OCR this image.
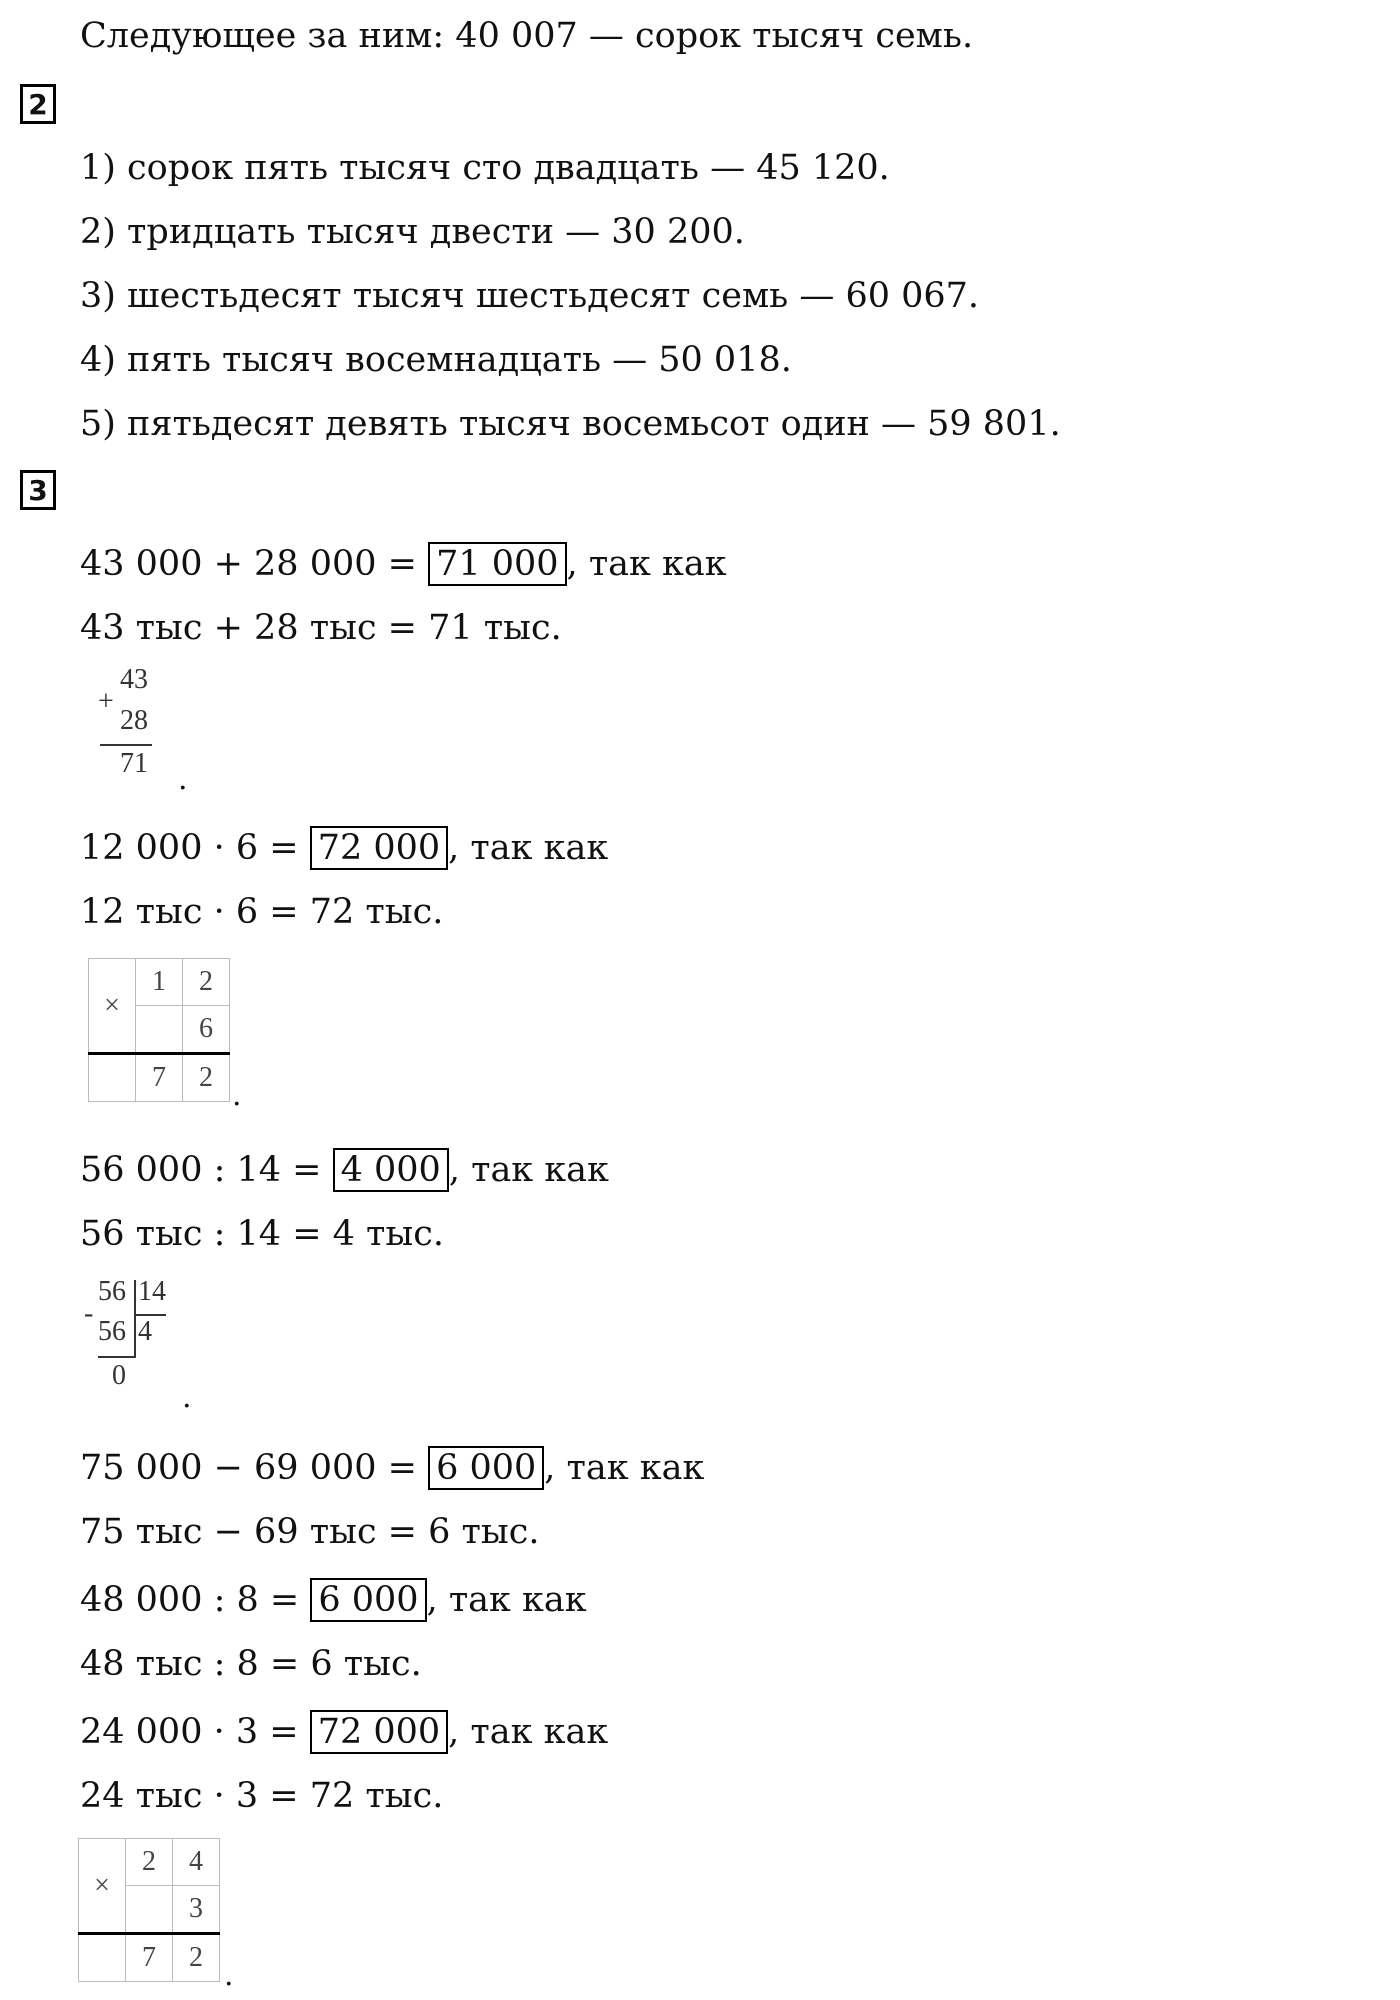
Следующее за ним: 40 007 — сорок тысяч семь.
2
1) сорок пять тысяч сто двадцать — 45 120.
2) тридцать тысяч двести — 30 200.
3) шестьдесят тысяч шестьдесят семь — 60 067.
4) пять тысяч восемнадцать — 50 018.
5) пятьдесят девять тысяч восемьсот один — 59 801.
3
43 000 + 28 000 = 71 000 , так как
43 тыс + 28 тыс = 71 тыс.
+
43
28
71 .
12 000 · 6 = 72 000 , так как
12 тыс · 6 = 72 тыс.
×	1	2
		6
	7	2
.
56 000 : 14 = 4 000 , так как
56 тыс : 14 = 4 тыс.
56 14
-
56 4
0
.
75 000 − 69 000 = 6 000 , так как
75 тыс − 69 тыс = 6 тыс.
48 000 : 8 = 6 000 , так как
48 тыс : 8 = 6 тыс.
24 000 · 3 = 72 000 , так как
24 тыс · 3 = 72 тыс.
×	2	4
		3
	7	2
.
